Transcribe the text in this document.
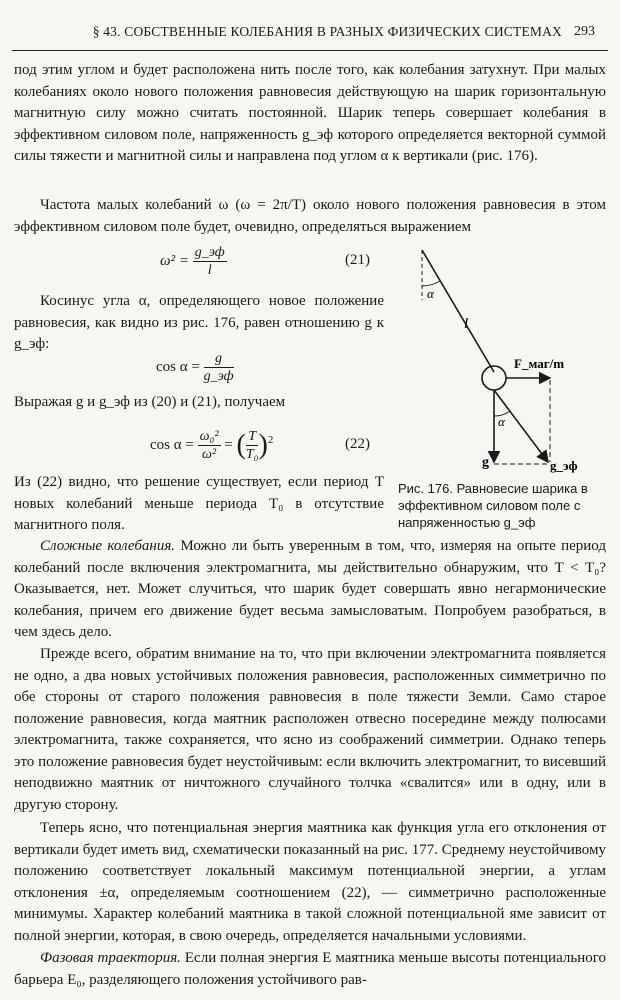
§ 43. СОБСТВЕННЫЕ КОЛЕБАНИЯ В РАЗНЫХ ФИЗИЧЕСКИХ СИСТЕМАХ 293

под этим углом и будет расположена нить после того, как колебания затухнут. При малых колебаниях около нового положения равновесия действующую на шарик горизонтальную магнитную силу можно считать постоянной. Шарик теперь совершает колебания в эффективном силовом поле, напряженность g_эф которого определяется векторной суммой силы тяжести и магнитной силы и направлена под углом α к вертикали (рис. 176).

Частота малых колебаний ω (ω = 2π/T) около нового положения равновесия в этом эффективном силовом поле будет, очевидно, определяться выражением

$\omega^2 = \frac{g\_эф}{l}$	(21)

Косинус угла α, определяющего новое положение равновесия, как видно из рис. 176, равен отношению g к g_эф:

$\cos \alpha = \frac{g}{g\_эф}$

Выражая g и g_эф из (20) и (21), получаем

$\cos \alpha = \frac{\text{ω₀²}}{\text{ω²}}$ = ( $\frac{T}{\text{T₀}} )^2$	(22)

Из (22) видно, что решение существует, если период T новых колебаний меньше периода T₀ в отсутствие магнитного поля.

α
l
F_маг/m
α
g	g_эф
Рис. 176. Равновесие шарика в эффективном силовом поле с напряженностью g_эф

Сложные колебания. Можно ли быть уверенным в том, что, измеряя на опыте период колебаний после включения электромагнита, мы действительно обнаружим, что T < T₀? Оказывается, нет. Может случиться, что шарик будет совершать явно негармонические колебания, причем его движение будет весьма замысловатым. Попробуем разобраться, в чем здесь дело.

Прежде всего, обратим внимание на то, что при включении электромагнита появляется не одно, а два новых устойчивых положения равновесия, расположенных симметрично по обе стороны от старого положения равновесия в поле тяжести Земли. Само старое положение равновесия, когда маятник расположен отвесно посередине между полюсами электромагнита, также сохраняется, что ясно из соображений симметрии. Однако теперь это положение равновесия будет неустойчивым: если включить электромагнит, то висевший неподвижно маятник от ничтожного случайного толчка «свалится» или в одну, или в другую сторону.

Теперь ясно, что потенциальная энергия маятника как функция угла его отклонения от вертикали будет иметь вид, схематически показанный на рис. 177. Среднему неустойчивому положению соответствует локальный максимум потенциальной энергии, а углам отклонения ±α, определяемым соотношением (22), — симметрично расположенные минимумы. Характер колебаний маятника в такой сложной потенциальной яме зависит от полной энергии, которая, в свою очередь, определяется начальными условиями.

Фазовая траектория. Если полная энергия E маятника меньше высоты потенциального барьера E₀, разделяющего положения устойчивого рав-
